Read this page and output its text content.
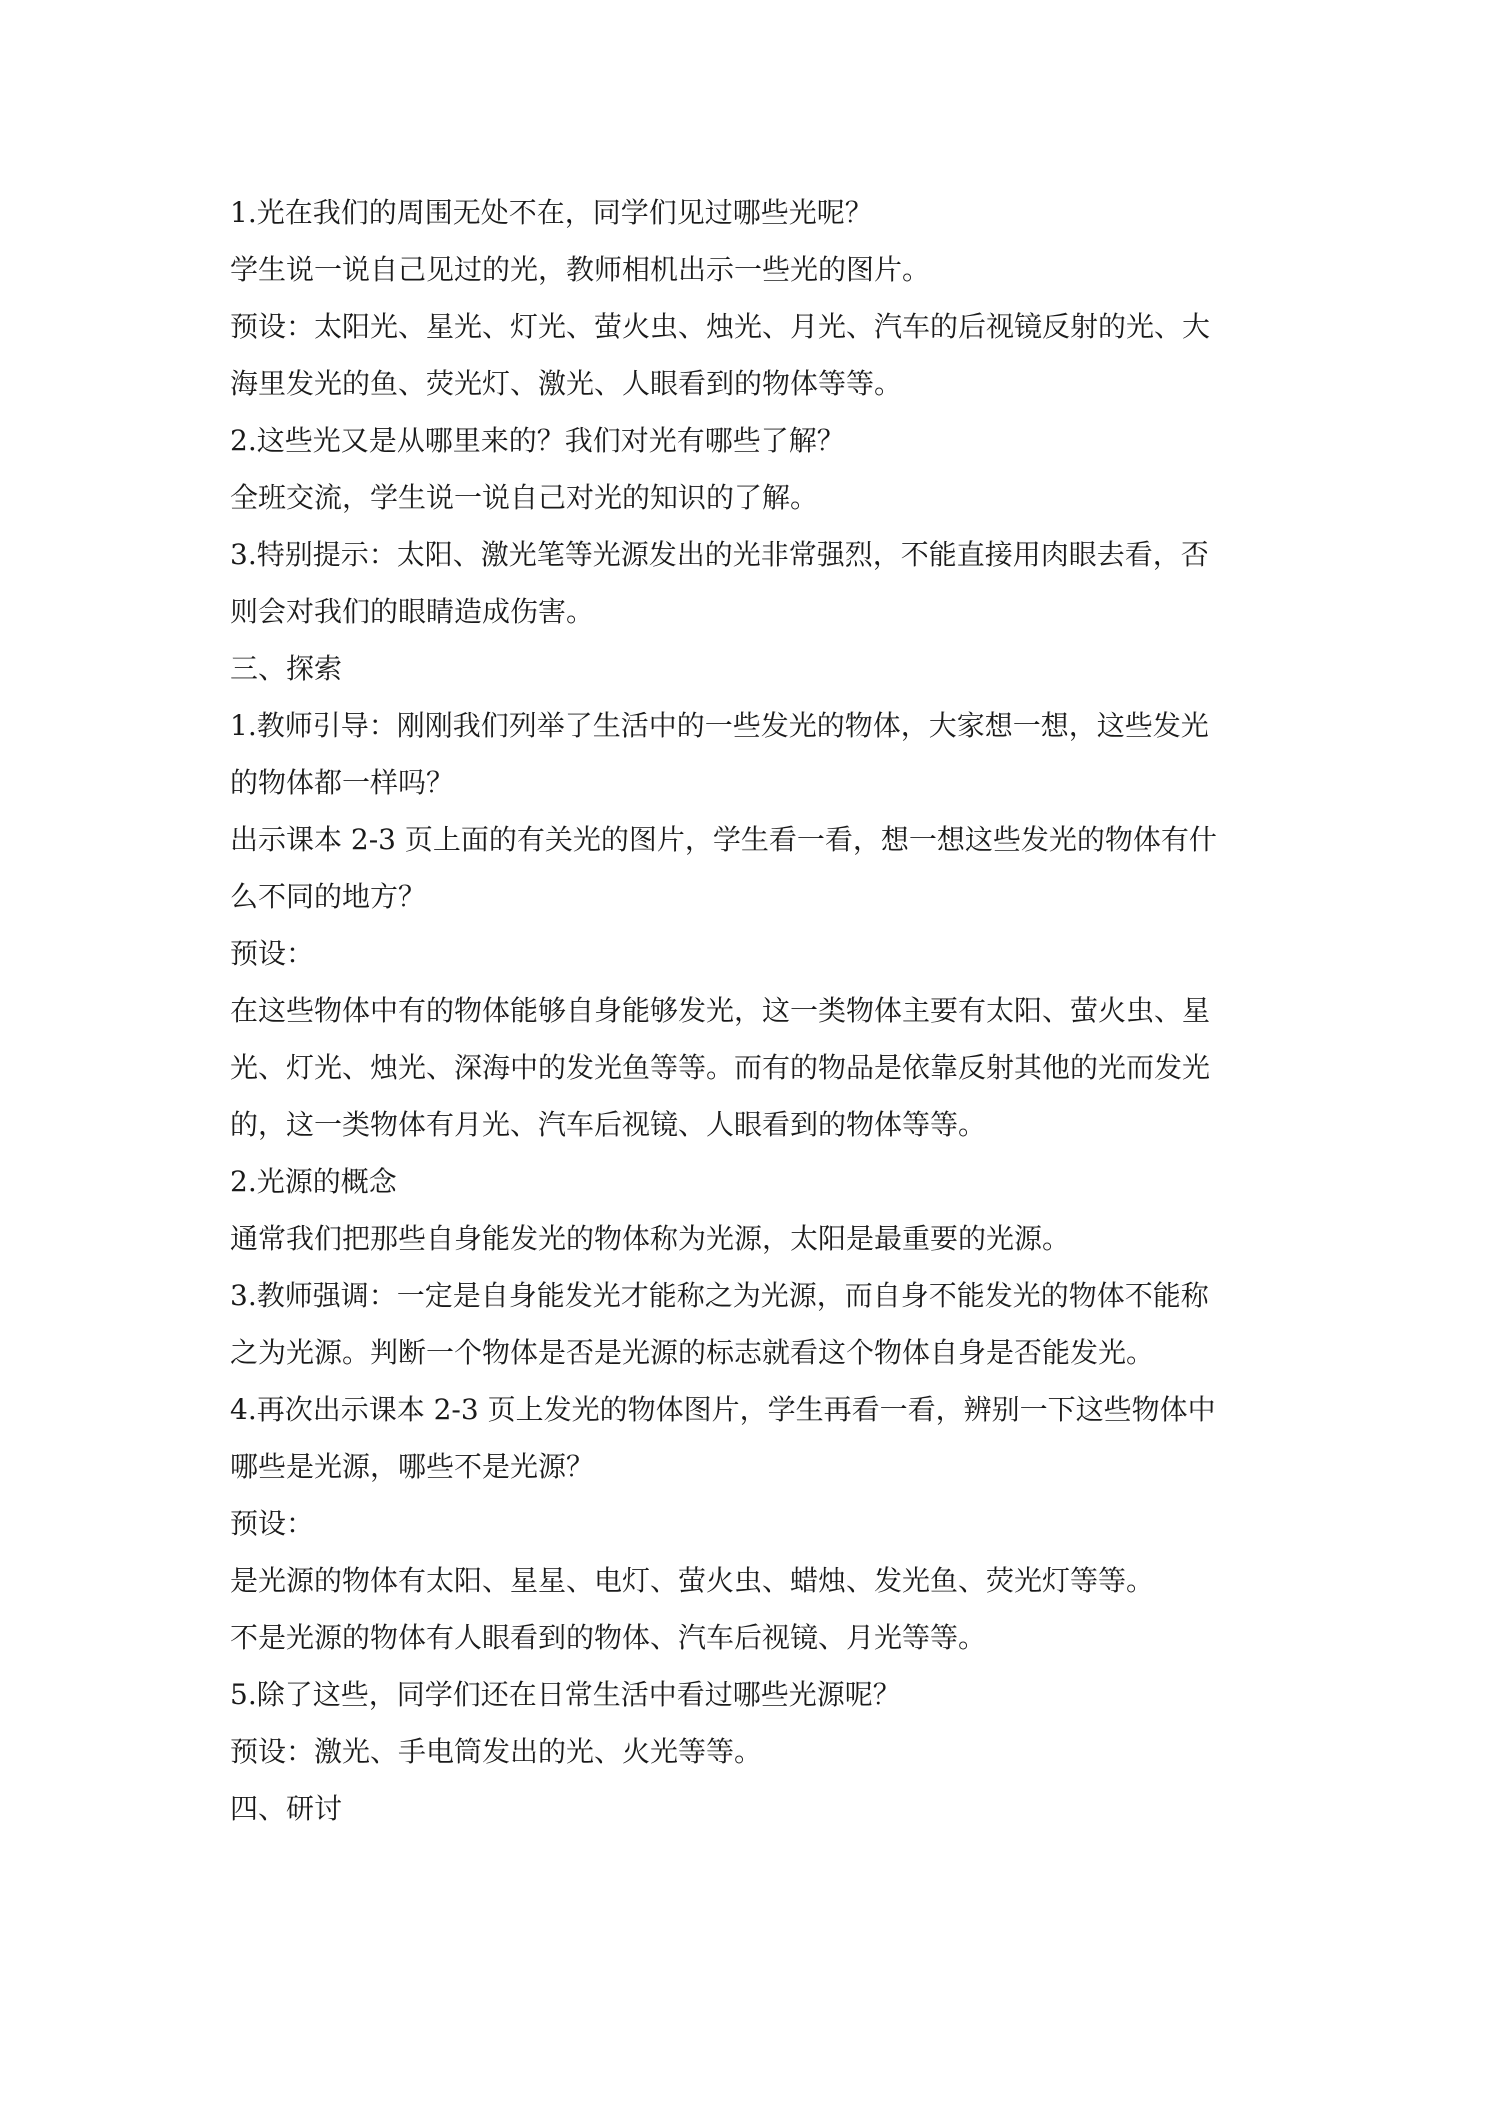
1.光在我们的周围无处不在，同学们见过哪些光呢？

学生说一说自己见过的光，教师相机出示一些光的图片。

预设：太阳光、星光、灯光、萤火虫、烛光、月光、汽车的后视镜反射的光、大

海里发光的鱼、荧光灯、激光、人眼看到的物体等等。

2.这些光又是从哪里来的？我们对光有哪些了解？

全班交流，学生说一说自己对光的知识的了解。

3.特别提示：太阳、激光笔等光源发出的光非常强烈，不能直接用肉眼去看，否

则会对我们的眼睛造成伤害。

三、探索

1.教师引导：刚刚我们列举了生活中的一些发光的物体，大家想一想，这些发光

的物体都一样吗？

出示课本 2-3 页上面的有关光的图片，学生看一看，想一想这些发光的物体有什

么不同的地方？

预设：

在这些物体中有的物体能够自身能够发光，这一类物体主要有太阳、萤火虫、星

光、灯光、烛光、深海中的发光鱼等等。而有的物品是依靠反射其他的光而发光

的，这一类物体有月光、汽车后视镜、人眼看到的物体等等。

2.光源的概念

通常我们把那些自身能发光的物体称为光源，太阳是最重要的光源。

3.教师强调：一定是自身能发光才能称之为光源，而自身不能发光的物体不能称

之为光源。判断一个物体是否是光源的标志就看这个物体自身是否能发光。

4.再次出示课本 2-3 页上发光的物体图片，学生再看一看，辨别一下这些物体中

哪些是光源，哪些不是光源？

预设：

是光源的物体有太阳、星星、电灯、萤火虫、蜡烛、发光鱼、荧光灯等等。

不是光源的物体有人眼看到的物体、汽车后视镜、月光等等。

5.除了这些，同学们还在日常生活中看过哪些光源呢？

预设：激光、手电筒发出的光、火光等等。

四、研讨
